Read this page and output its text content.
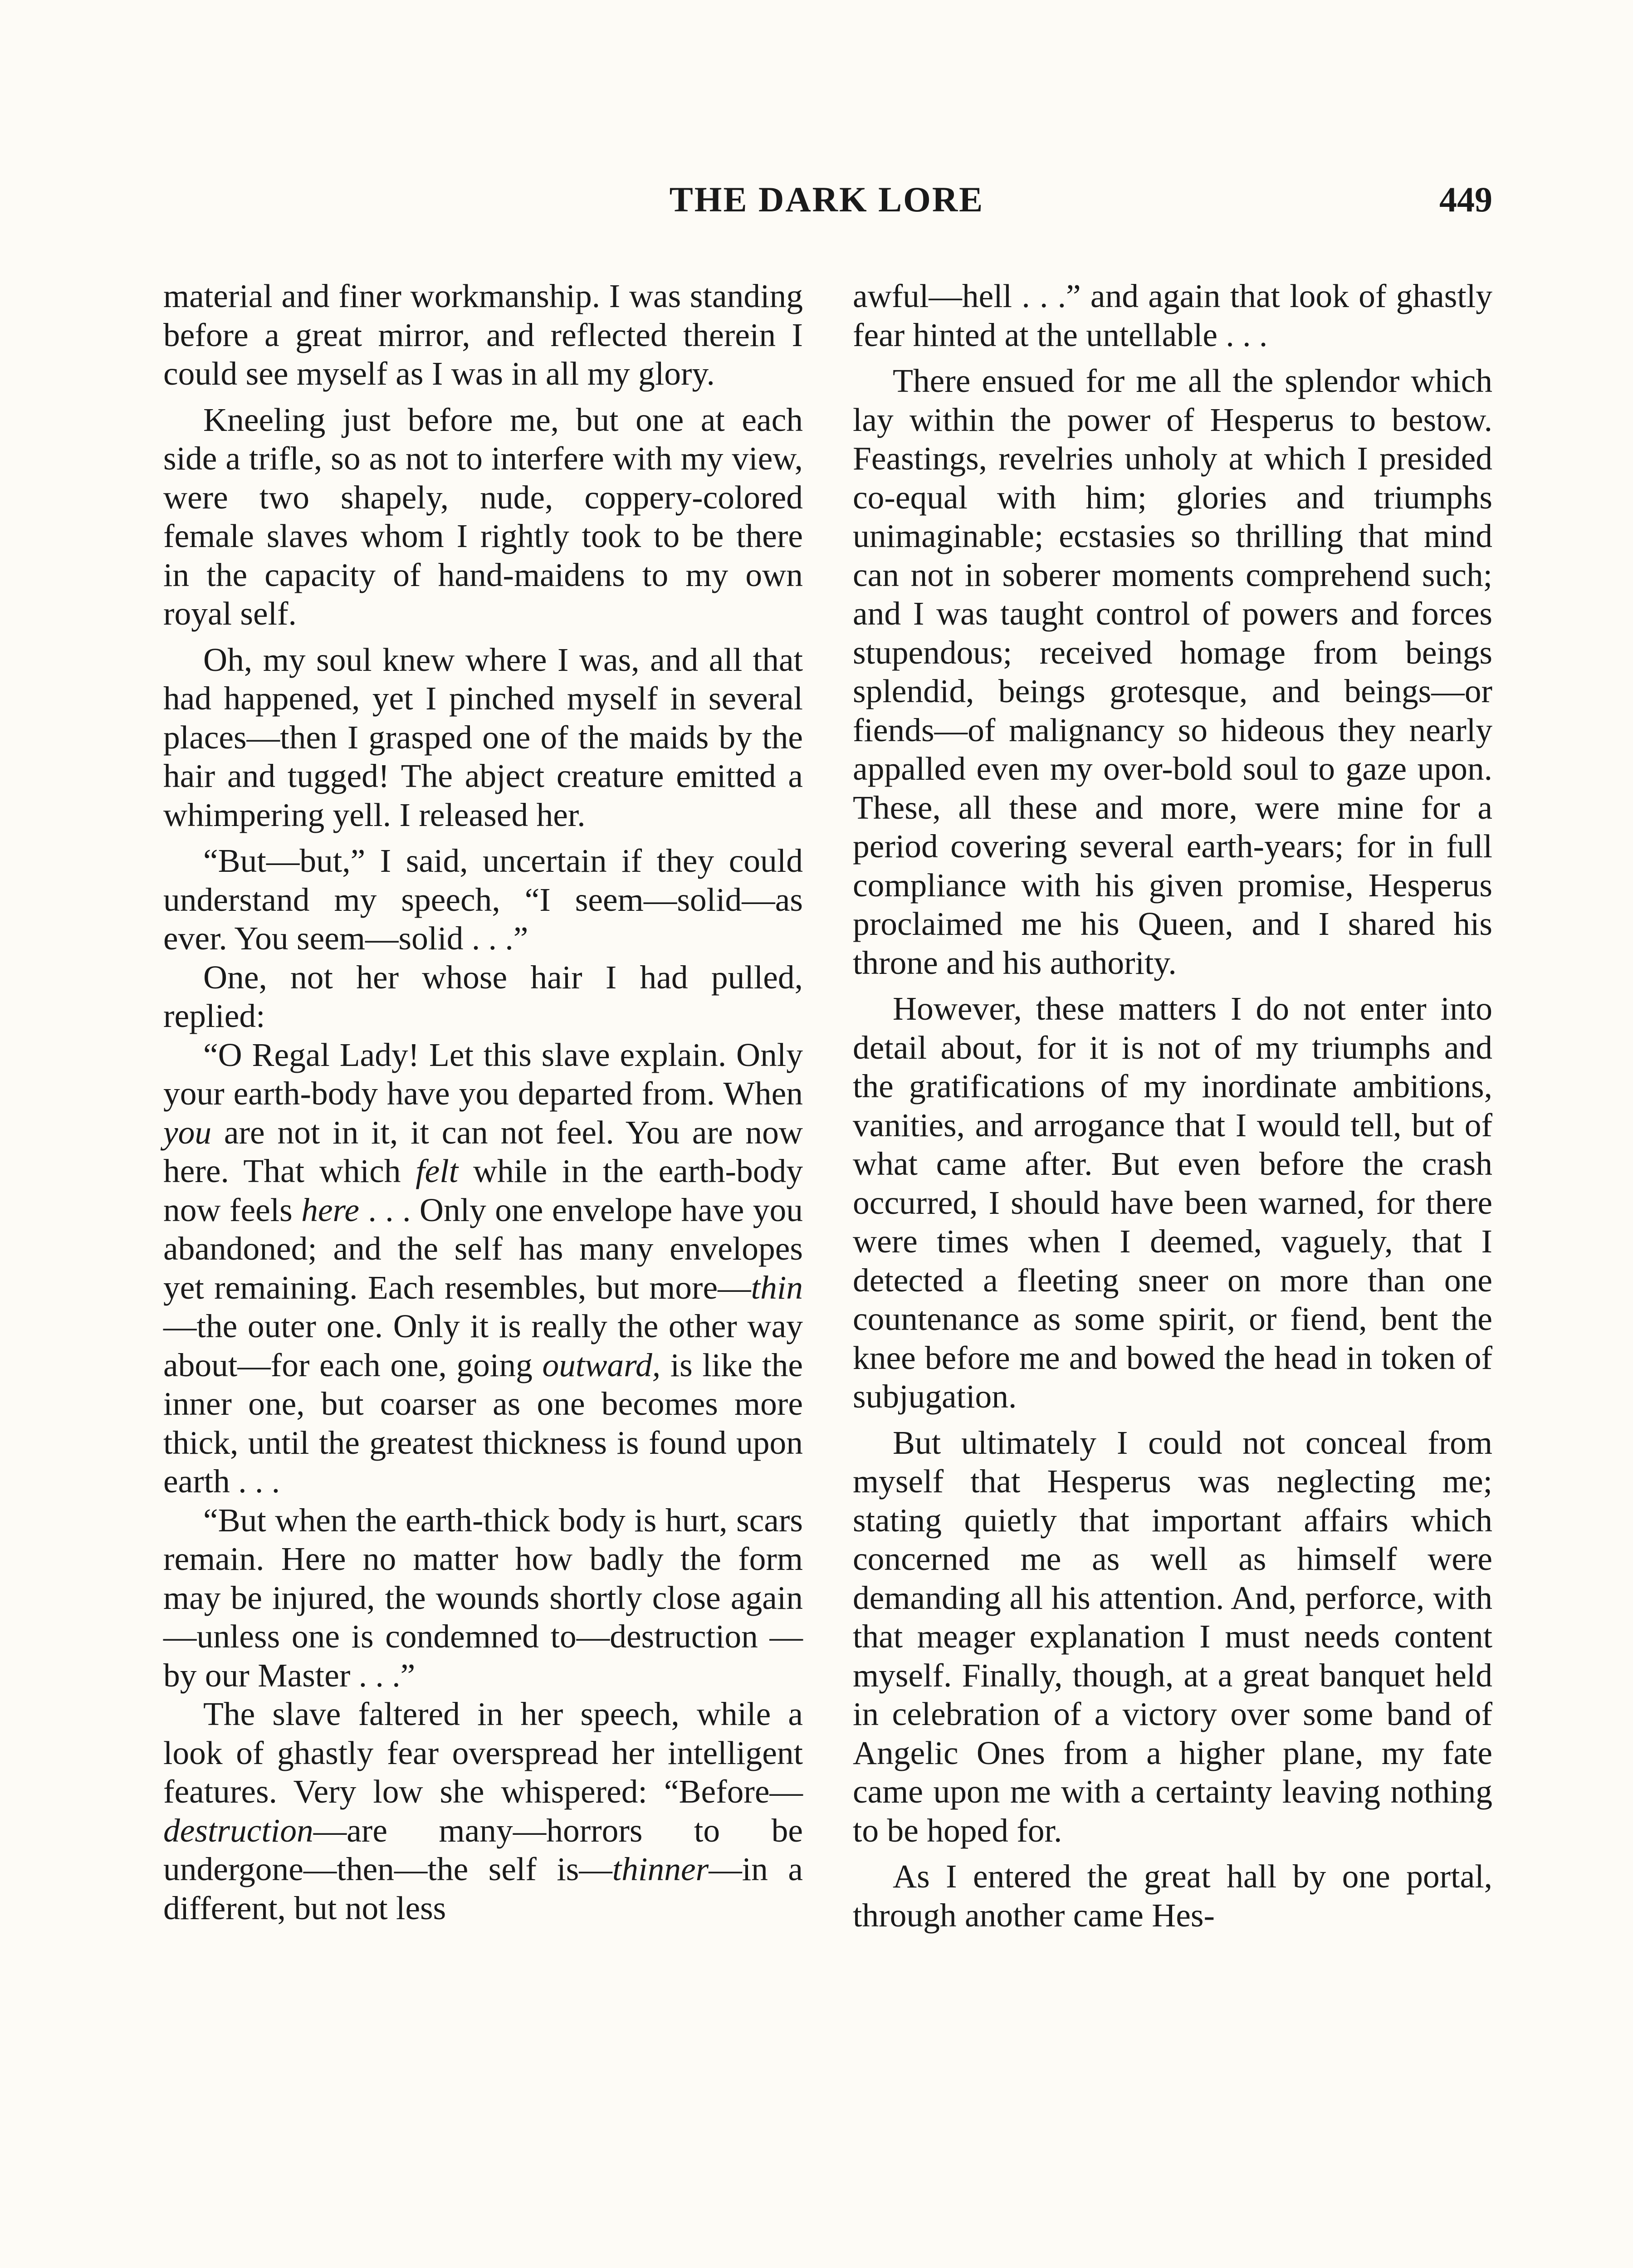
THE DARK LORE	449

material and finer workmanship. I was standing before a great mirror, and reflected therein I could see myself as I was in all my glory.

Kneeling just before me, but one at each side a trifle, so as not to interfere with my view, were two shapely, nude, coppery-colored female slaves whom I rightly took to be there in the capacity of hand-maidens to my own royal self.

Oh, my soul knew where I was, and all that had happened, yet I pinched myself in several places—then I grasped one of the maids by the hair and tugged! The abject creature emitted a whimpering yell. I released her.

“But—but,” I said, uncertain if they could understand my speech, “I seem—solid—as ever. You seem—solid . . .”

One, not her whose hair I had pulled, replied:

“O Regal Lady! Let this slave explain. Only your earth-body have you departed from. When you are not in it, it can not feel. You are now here. That which felt while in the earth-body now feels here . . . Only one envelope have you abandoned; and the self has many envelopes yet remaining. Each resembles, but more—thin—the outer one. Only it is really the other way about—for each one, going outward, is like the inner one, but coarser as one becomes more thick, until the greatest thickness is found upon earth . . .

“But when the earth-thick body is hurt, scars remain. Here no matter how badly the form may be injured, the wounds shortly close again—unless one is condemned to—destruction —by our Master . . .”

The slave faltered in her speech, while a look of ghastly fear overspread her intelligent features. Very low she whispered: “Before—destruction—are many—horrors to be undergone—then—the self is—thinner—in a different, but not less

awful—hell . . .” and again that look of ghastly fear hinted at the untellable . . .

There ensued for me all the splendor which lay within the power of Hesperus to bestow. Feastings, revelries unholy at which I presided co-equal with him; glories and triumphs unimaginable; ecstasies so thrilling that mind can not in soberer moments comprehend such; and I was taught control of powers and forces stupendous; received homage from beings splendid, beings grotesque, and beings—or fiends—of malignancy so hideous they nearly appalled even my over-bold soul to gaze upon. These, all these and more, were mine for a period covering several earth-years; for in full compliance with his given promise, Hesperus proclaimed me his Queen, and I shared his throne and his authority.

However, these matters I do not enter into detail about, for it is not of my triumphs and the gratifications of my inordinate ambitions, vanities, and arrogance that I would tell, but of what came after. But even before the crash occurred, I should have been warned, for there were times when I deemed, vaguely, that I detected a fleeting sneer on more than one countenance as some spirit, or fiend, bent the knee before me and bowed the head in token of subjugation.

But ultimately I could not conceal from myself that Hesperus was neglecting me; stating quietly that important affairs which concerned me as well as himself were demanding all his attention. And, perforce, with that meager explanation I must needs content myself. Finally, though, at a great banquet held in celebration of a victory over some band of Angelic Ones from a higher plane, my fate came upon me with a certainty leaving nothing to be hoped for.

As I entered the great hall by one portal, through another came Hes-
